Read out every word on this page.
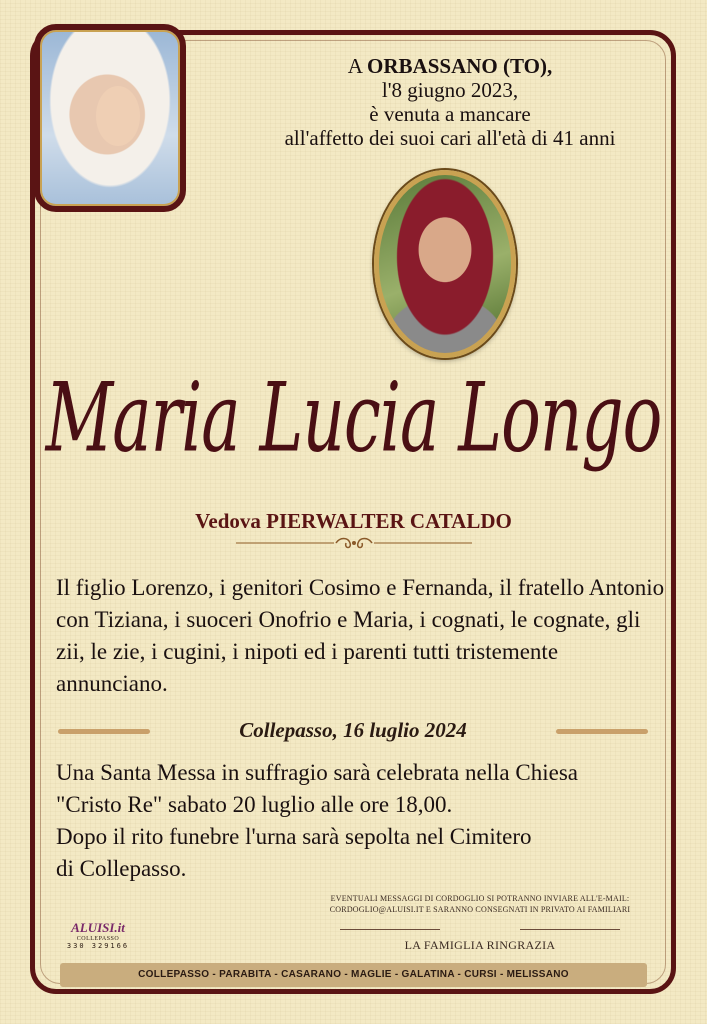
A ORBASSANO (TO),
l'8 giugno 2023,
è venuta a mancare
all'affetto dei suoi cari all'età di 41 anni
Maria Lucia Longo
Vedova PIERWALTER CATALDO
Il figlio Lorenzo, i genitori Cosimo e Fernanda, il fratello Antonio con Tiziana, i suoceri Onofrio e Maria, i cognati, le cognate, gli zii, le zie, i cugini, i nipoti ed i parenti tutti tristemente annunciano.
Collepasso, 16 luglio 2024
Una Santa Messa in suffragio sarà celebrata nella Chiesa
"Cristo Re" sabato 20 luglio alle ore 18,00.
Dopo il rito funebre l'urna sarà sepolta nel Cimitero
di Collepasso.
ALUISI.it
COLLEPASSO
330 329166
EVENTUALI MESSAGGI DI CORDOGLIO SI POTRANNO INVIARE ALL'E-MAIL: CORDOGLIO@ALUISI.IT E SARANNO CONSEGNATI IN PRIVATO AI FAMILIARI
LA FAMIGLIA RINGRAZIA
COLLEPASSO - PARABITA - CASARANO - MAGLIE - GALATINA - CURSI - MELISSANO
